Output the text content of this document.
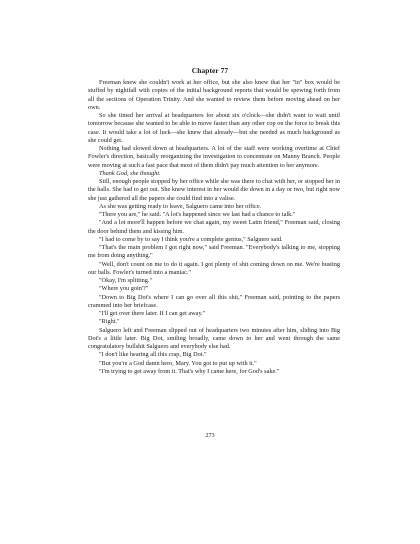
Chapter 77

Freeman knew she couldn't work at her office, but she also knew that her "in" box would be stuffed by nightfall with copies of the initial background reports that would be spewing forth from all the sections of Operation Trinity. And she wanted to review them before moving ahead on her own.

So she timed her arrival at headquarters for about six o'clock—she didn't want to wait until tomorrow because she wanted to be able to move faster than any other cop on the force to break this case. It would take a lot of luck—she knew that already—but she needed as much background as she could get.

Nothing had slowed down at headquarters. A lot of the staff were working overtime at Chief Fowler's direction, basically reorganizing the investigation to concentrate on Manny Branch. People were moving at such a fast pace that most of them didn't pay much attention to her anymore.

Thank God, she thought.

Still, enough people stopped by her office while she was there to chat with her, or stopped her in the halls. She had to get out. She knew interest in her would die down in a day or two, but right now she just gathered all the papers she could find into a valise.

As she was getting ready to leave, Salguero came into her office.

"There you are," he said. "A lot's happened since we last had a chance to talk."

"And a lot more'll happen before we chat again, my sweet Latin friend," Freeman said, closing the door behind them and kissing him.

"I had to come by to say I think you're a complete genius," Salguero said.

"That's the main problem I got right now," said Freeman. "Everybody's talking to me, stopping me from doing anything."

"Well, don't count on me to do it again. I got plenty of shit coming down on me. We're busting our balls. Fowler's turned into a maniac."

"Okay, I'm splitting."

"Where you goin'?"

"Down to Big Dot's where I can go over all this shit," Freeman said, pointing to the papers crammed into her briefcase.

"I'll get over there later. If I can get away."

"Right."

Salguero left and Freeman slipped out of headquarters two minutes after him, sliding into Big Dot's a little later. Big Dot, smiling broadly, came down to her and went through the same congratulatory bullshit Salguero and everybody else had.

"I don't like hearing all this crap, Big Dot."

"But you're a God damn hero, Mary. You got to put up with it."

"I'm trying to get away from it. That's why I came here, for God's sake."

273
